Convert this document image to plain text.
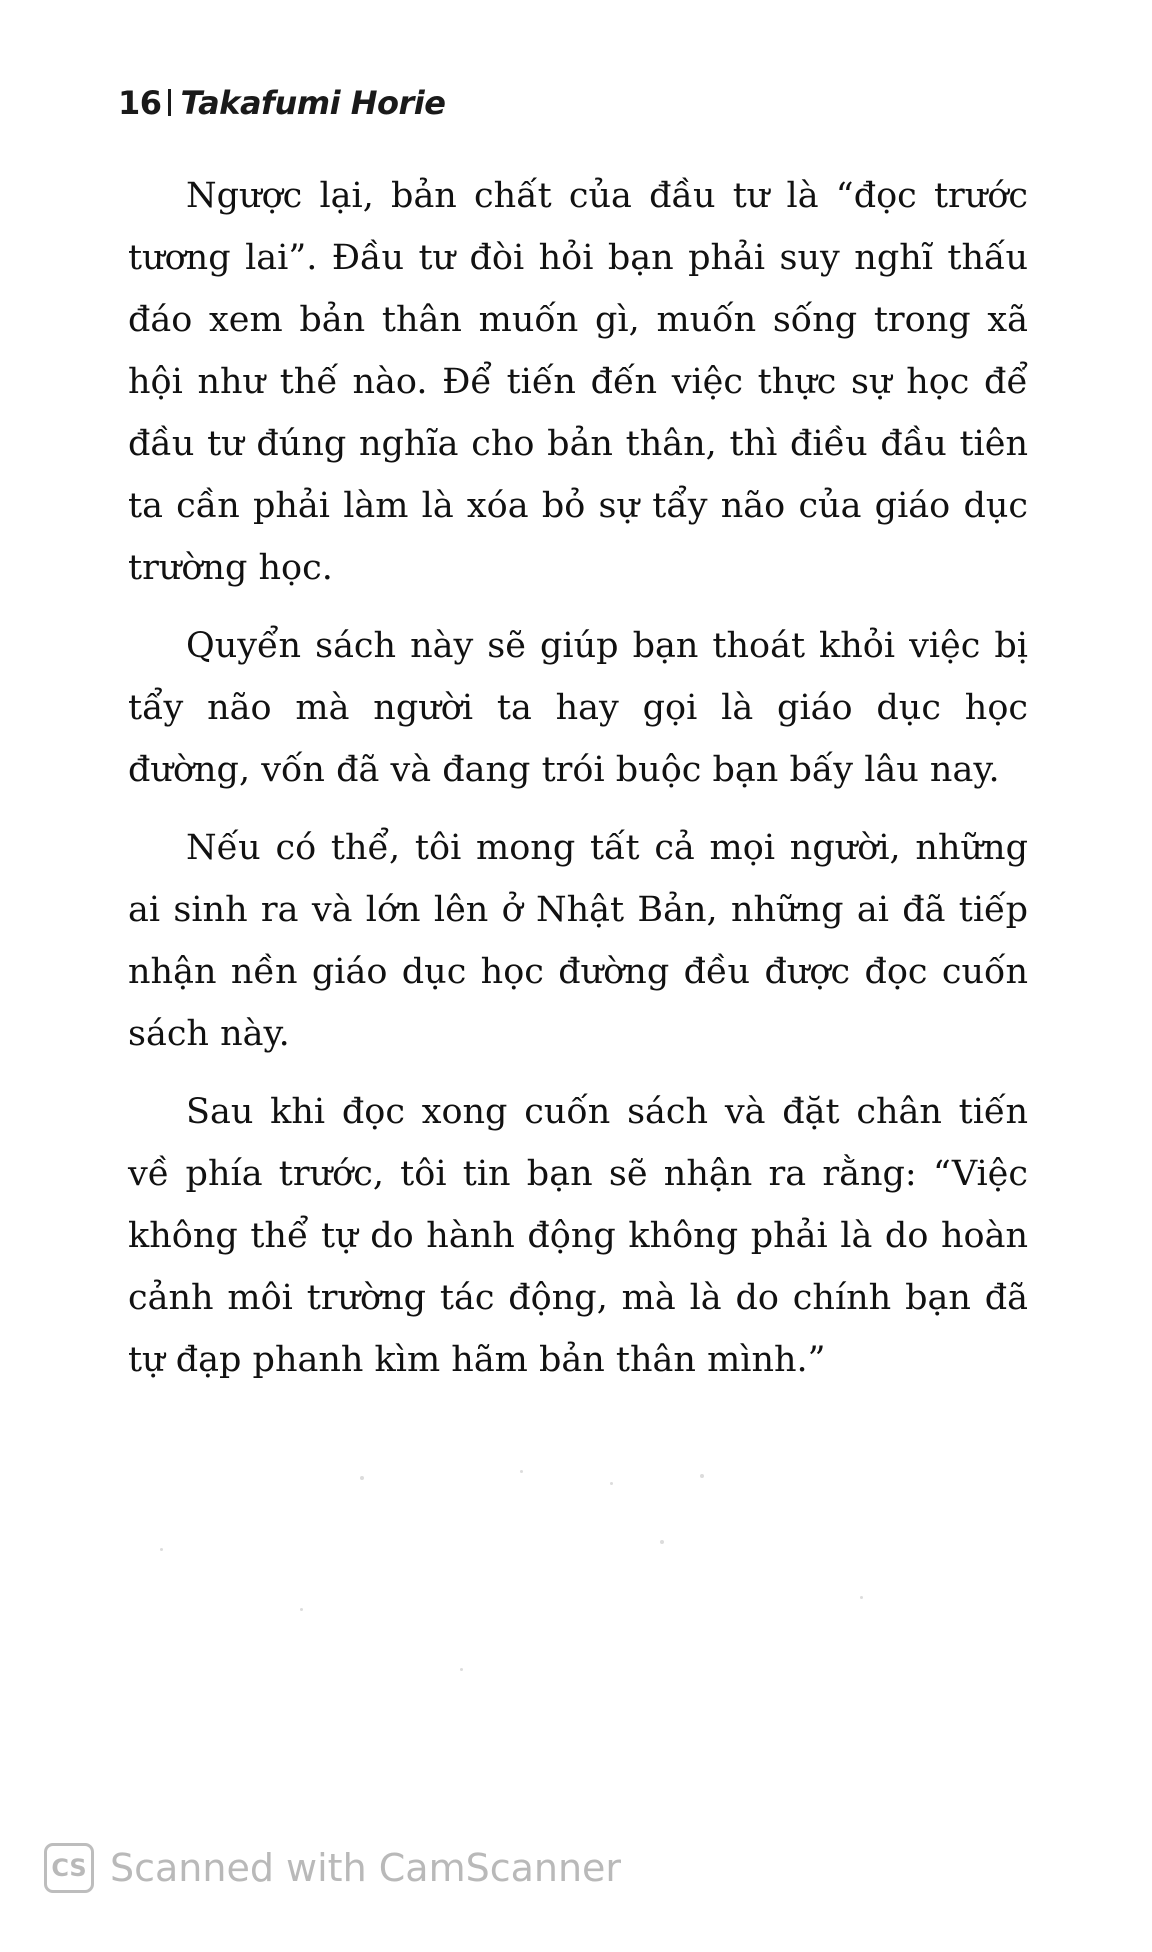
16 Takafumi Horie

Ngược lại, bản chất của đầu tư là “đọc trước tương lai”. Đầu tư đòi hỏi bạn phải suy nghĩ thấu đáo xem bản thân muốn gì, muốn sống trong xã hội như thế nào. Để tiến đến việc thực sự học để đầu tư đúng nghĩa cho bản thân, thì điều đầu tiên ta cần phải làm là xóa bỏ sự tẩy não của giáo dục trường học.

Quyển sách này sẽ giúp bạn thoát khỏi việc bị tẩy não mà người ta hay gọi là giáo dục học đường, vốn đã và đang trói buộc bạn bấy lâu nay.

Nếu có thể, tôi mong tất cả mọi người, những ai sinh ra và lớn lên ở Nhật Bản, những ai đã tiếp nhận nền giáo dục học đường đều được đọc cuốn sách này.

Sau khi đọc xong cuốn sách và đặt chân tiến về phía trước, tôi tin bạn sẽ nhận ra rằng: “Việc không thể tự do hành động không phải là do hoàn cảnh môi trường tác động, mà là do chính bạn đã tự đạp phanh kìm hãm bản thân mình.”

CS Scanned with CamScanner
